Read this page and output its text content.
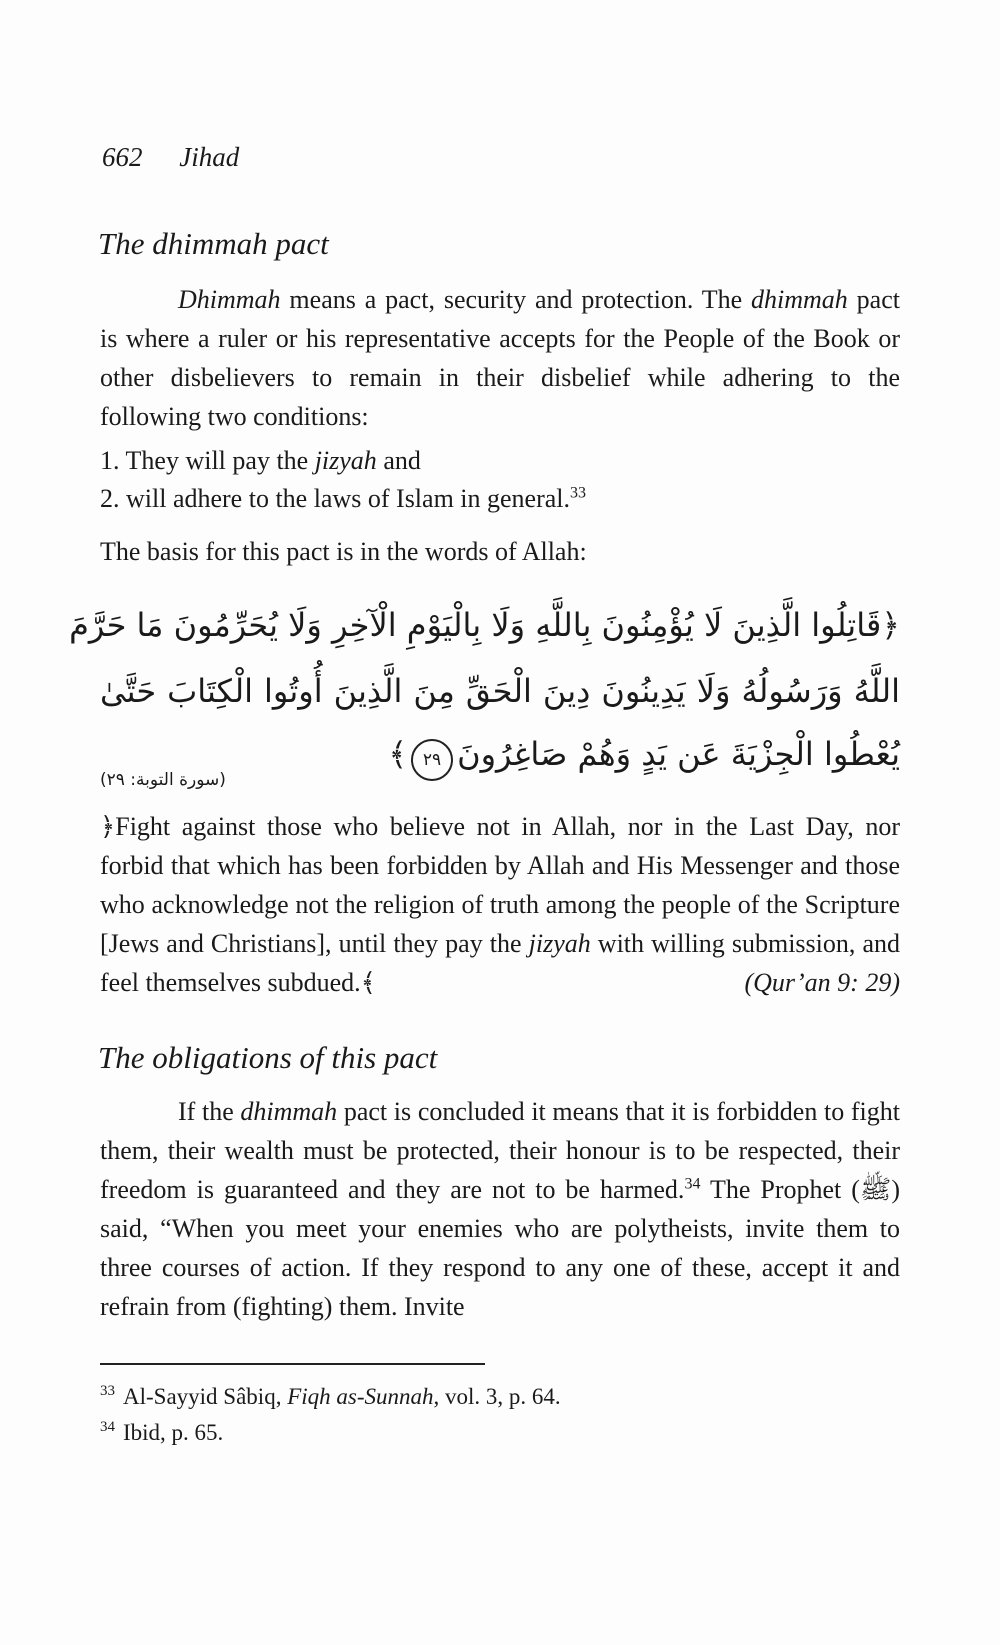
662 Jihad
The dhimmah pact
Dhimmah means a pact, security and protection. The dhimmah pact is where a ruler or his representative accepts for the People of the Book or other disbelievers to remain in their disbelief while adhering to the following two conditions:
1. They will pay the jizyah and
2. will adhere to the laws of Islam in general.$^{33}$
The basis for this pact is in the words of Allah:
﴿قَاتِلُوا الَّذِينَ لَا يُؤْمِنُونَ بِاللَّهِ وَلَا بِالْيَوْمِ الْآخِرِ وَلَا يُحَرِّمُونَ مَا حَرَّمَ
اللَّهُ وَرَسُولُهُ وَلَا يَدِينُونَ دِينَ الْحَقِّ مِنَ الَّذِينَ أُوتُوا الْكِتَابَ حَتَّىٰ
يُعْطُوا الْجِزْيَةَ عَن يَدٍ وَهُمْ صَاغِرُونَ٢٩﴾
(سورة التوبة: ٢٩)
﴿Fight against those who believe not in Allah, nor in the Last Day, nor forbid that which has been forbidden by Allah and His Messenger and those who acknowledge not the religion of truth among the people of the Scripture [Jews and Christians], until they pay the jizyah with willing submission, and feel themselves subdued.﴾	(Qur’an 9: 29)
The obligations of this pact
If the dhimmah pact is concluded it means that it is forbidden to fight them, their wealth must be protected, their honour is to be respected, their freedom is guaranteed and they are not to be harmed.$^{34}$ The Prophet (ﷺ) said, “When you meet your enemies who are polytheists, invite them to three courses of action. If they respond to any one of these, accept it and refrain from (fighting) them. Invite
$^{33}$ Al-Sayyid Sâbiq, Fiqh as-Sunnah, vol. 3, p. 64.
$^{34}$ Ibid, p. 65.
